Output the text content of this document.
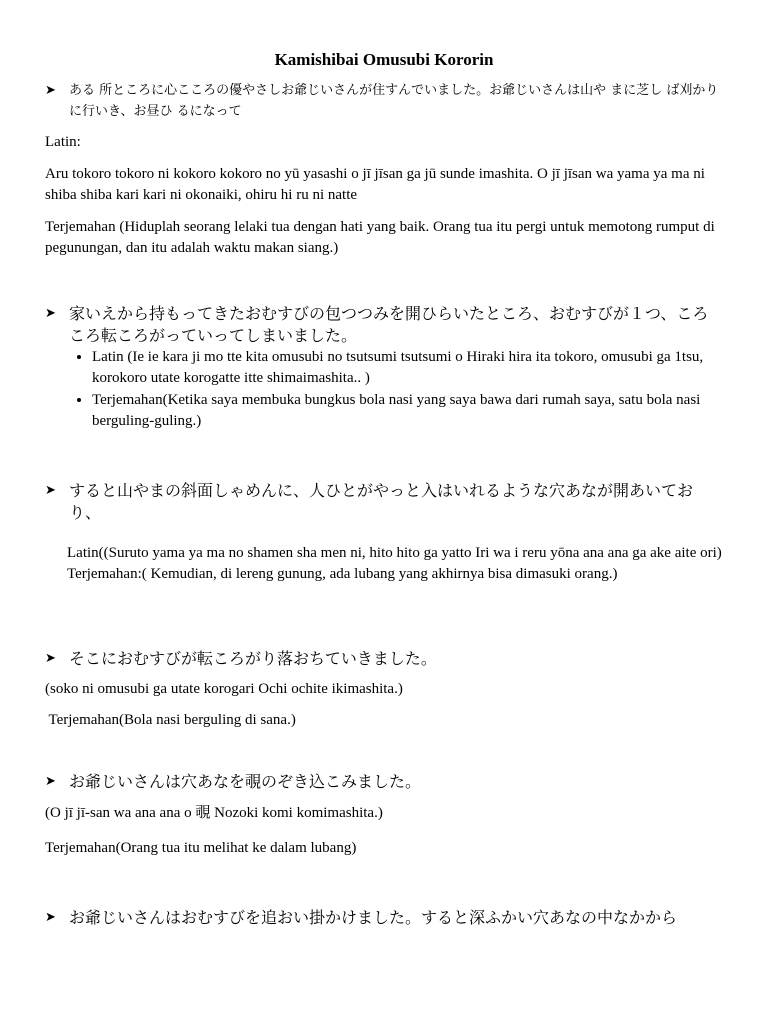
Kamishibai Omusubi Kororin
➤	ある 所ところに心こころの優やさしお爺じいさんが住すんでいました。お爺じいさんは山や まに芝し ば刈かりに行いき、お昼ひ るになって

Latin:

Aru tokoro tokoro ni kokoro kokoro no yū yasashi o jī jīsan ga jū sunde imashita. O jī jīsan wa yama ya ma ni shiba shiba kari kari ni okonaiki, ohiru hi ru ni natte

Terjemahan (Hiduplah seorang lelaki tua dengan hati yang baik. Orang tua itu pergi untuk memotong rumput di pegunungan, dan itu adalah waktu makan siang.)

➤ 家いえから持もってきたおむすびの包つつみを開ひらいたところ、おむすびが１つ、ころころ転ころがっていってしまいました。

• Latin (Ie ie kara ji mo tte kita omusubi no tsutsumi tsutsumi o Hiraki hira ita tokoro, omusubi ga 1tsu, korokoro utate korogatte itte shimaimashita.. )
• Terjemahan(Ketika saya membuka bungkus bola nasi yang saya bawa dari rumah saya, satu bola nasi berguling-guling.)
➤ すると山やまの斜面しゃめんに、人ひとがやっと入はいれるような穴あなが開あいており、

Latin((Suruto yama ya ma no shamen sha men ni, hito hito ga yatto Iri wa i reru yōna ana ana ga ake aite ori)

Terjemahan:( Kemudian, di lereng gunung, ada lubang yang akhirnya bisa dimasuki orang.)

➤ そこにおむすびが転ころがり落おちていきました。

(soko ni omusubi ga utate korogari Ochi ochite ikimashita.)

Terjemahan(Bola nasi berguling di sana.)

➤ お爺じいさんは穴あなを覗のぞき込こみました。

(O jī jī-san wa ana ana o 覗 Nozoki komi komimashita.)

Terjemahan(Orang tua itu melihat ke dalam lubang)

➤ お爺じいさんはおむすびを追おい掛かけました。すると深ふかい穴あなの中なかから
